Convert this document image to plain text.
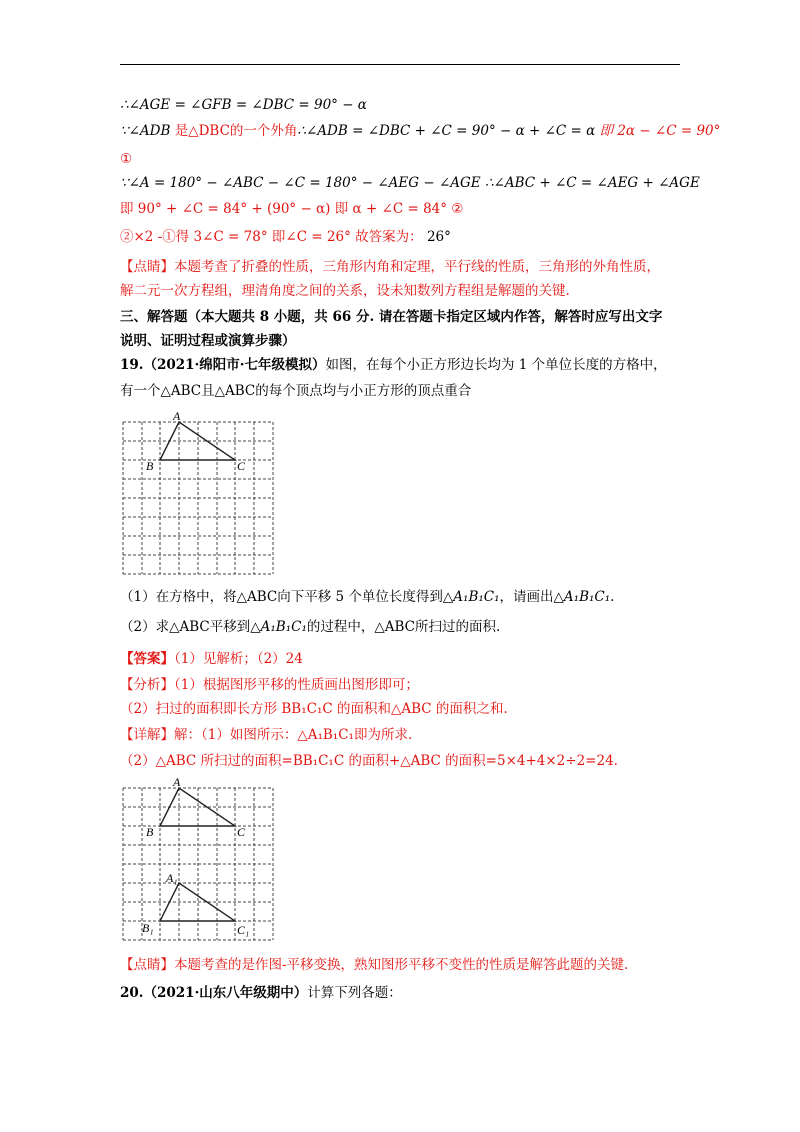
∴∠AGE = ∠GFB = ∠DBC = 90° − α
∵∠ADB 是△DBC的一个外角∴∠ADB = ∠DBC + ∠C = 90° − α + ∠C = α 即 2α − ∠C = 90°
①
∵∠A = 180° − ∠ABC − ∠C = 180° − ∠AEG − ∠AGE ∴∠ABC + ∠C = ∠AEG + ∠AGE
即 90° + ∠C = 84° + (90° − α) 即 α + ∠C = 84° ②
②×2 -①得 3∠C = 78° 即∠C = 26° 故答案为： 26°
【点睛】本题考查了折叠的性质，三角形内角和定理，平行线的性质，三角形的外角性质，
解二元一次方程组，理清角度之间的关系，设未知数列方程组是解题的关键.
三、解答题（本大题共 8 小题，共 66 分. 请在答题卡指定区域内作答，解答时应写出文字
说明、证明过程或演算步骤）
19.（2021·绵阳市·七年级模拟）如图，在每个小正方形边长均为 1 个单位长度的方格中，
有一个△ABC且△ABC的每个顶点均与小正方形的顶点重合
A
B	C
（1）在方格中，将△ABC向下平移 5 个单位长度得到△A₁B₁C₁，请画出△A₁B₁C₁.
（2）求△ABC平移到△A₁B₁C₁的过程中，△ABC所扫过的面积.
【答案】（1）见解析；（2）24
【分析】（1）根据图形平移的性质画出图形即可；
（2）扫过的面积即长方形 BB₁C₁C 的面积和△ABC 的面积之和.
【详解】解：（1）如图所示：△A₁B₁C₁即为所求.
（2）△ABC 所扫过的面积=BB₁C₁C 的面积+△ABC 的面积=5×4+4×2÷2=24.
A
B	C
A₁
B₁	C₁
【点睛】本题考查的是作图-平移变换，熟知图形平移不变性的性质是解答此题的关键.
20.（2021·山东八年级期中）计算下列各题：
